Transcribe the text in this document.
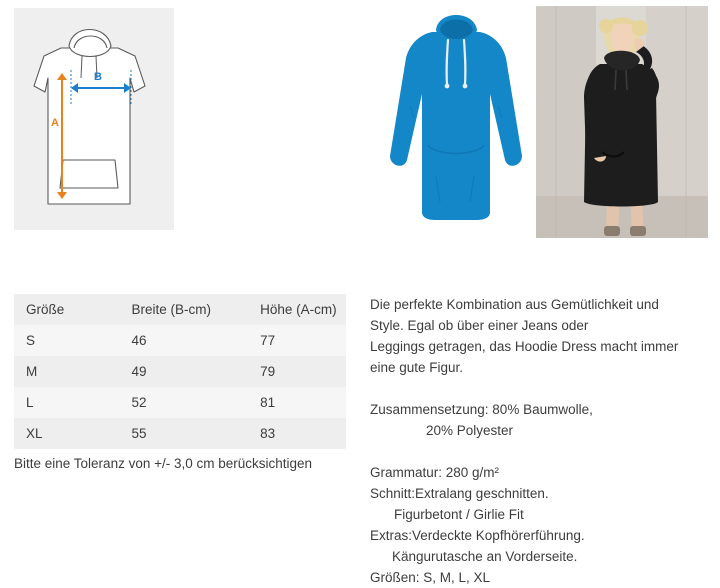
B
A
Größe	Breite (B-cm)	Höhe (A-cm)
S	46	77
M	49	79
L	52	81
XL	55	83
Bitte eine Toleranz von +/- 3,0 cm berücksichtigen

Die perfekte Kombination aus Gemütlichkeit und

Style. Egal ob über einer Jeans oder

Leggings getragen, das Hoodie Dress macht immer

eine gute Figur.

Zusammensetzung: 80% Baumwolle,

20% Polyester

Grammatur: 280 g/m²

Schnitt:Extralang geschnitten.

Figurbetont / Girlie Fit

Extras:Verdeckte Kopfhörerführung.

Kängurutasche an Vorderseite.

Größen: S, M, L, XL
